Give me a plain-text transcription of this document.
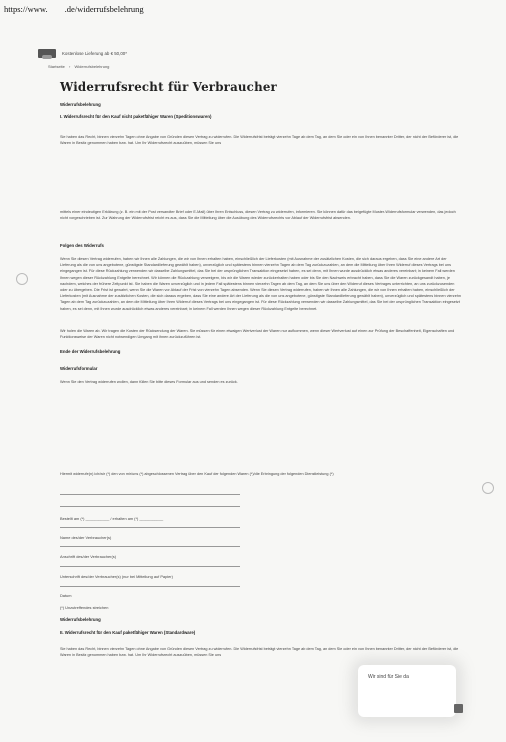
https://www.        .de/widerrufsbelehrung
Kostenlose Lieferung ab € 50,00*
Startseite › Widerrufsbelehrung
Widerrufsrecht für Verbraucher
Widerrufsbelehrung
I. Widerrufsrecht für den Kauf nicht paketfähiger Waren (Speditionswaren)
Sie haben das Recht, binnen vierzehn Tagen ohne Angabe von Gründen diesen Vertrag zu widerrufen. Die Widerrufsfrist beträgt vierzehn Tage ab dem Tag, an dem Sie oder ein von Ihnen benannter Dritter, der nicht der Beförderer ist, die Waren in Besitz genommen haben bzw. hat. Um Ihr Widerrufsrecht auszuüben, müssen Sie uns
mittels einer eindeutigen Erklärung (z. B. ein mit der Post versandter Brief oder E-Mail) über Ihren Entschluss, diesen Vertrag zu widerrufen, informieren. Sie können dafür das beigefügte Muster-Widerrufsformular verwenden, das jedoch nicht vorgeschrieben ist. Zur Wahrung der Widerrufsfrist reicht es aus, dass Sie die Mitteilung über die Ausübung des Widerrufsrechts vor Ablauf der Widerrufsfrist absenden.
Folgen des Widerrufs
Wenn Sie diesen Vertrag widerrufen, haben wir Ihnen alle Zahlungen, die wir von Ihnen erhalten haben, einschließlich der Lieferkosten (mit Ausnahme der zusätzlichen Kosten, die sich daraus ergeben, dass Sie eine andere Art der Lieferung als die von uns angebotene, günstigste Standardlieferung gewählt haben), unverzüglich und spätestens binnen vierzehn Tagen ab dem Tag zurückzuzahlen, an dem die Mitteilung über Ihren Widerruf dieses Vertrags bei uns eingegangen ist. Für diese Rückzahlung verwenden wir dasselbe Zahlungsmittel, das Sie bei der ursprünglichen Transaktion eingesetzt haben, es sei denn, mit Ihnen wurde ausdrücklich etwas anderes vereinbart; in keinem Fall werden Ihnen wegen dieser Rückzahlung Entgelte berechnet. Wir können die Rückzahlung verweigern, bis wir die Waren wieder zurückerhalten haben oder bis Sie den Nachweis erbracht haben, dass Sie die Waren zurückgesandt haben, je nachdem, welches der frühere Zeitpunkt ist. Sie haben die Waren unverzüglich und in jedem Fall spätestens binnen vierzehn Tagen ab dem Tag, an dem Sie uns über den Widerruf dieses Vertrages unterrichten, an uns zurückzusenden oder zu übergeben. Die Frist ist gewahrt, wenn Sie die Waren vor Ablauf der Frist von vierzehn Tagen absenden. Wenn Sie diesen Vertrag widerrufen, haben wir Ihnen alle Zahlungen, die wir von Ihnen erhalten haben, einschließlich der Lieferkosten (mit Ausnahme der zusätzlichen Kosten, die sich daraus ergeben, dass Sie eine andere Art der Lieferung als die von uns angebotene, günstigste Standardlieferung gewählt haben), unverzüglich und spätestens binnen vierzehn Tagen ab dem Tag zurückzuzahlen, an dem die Mitteilung über Ihren Widerruf dieses Vertrags bei uns eingegangen ist. Für diese Rückzahlung verwenden wir dasselbe Zahlungsmittel, das Sie bei der ursprünglichen Transaktion eingesetzt haben, es sei denn, mit Ihnen wurde ausdrücklich etwas anderes vereinbart; in keinem Fall werden Ihnen wegen dieser Rückzahlung Entgelte berechnet.
Wir holen die Waren ab. Wir tragen die Kosten der Rücksendung der Waren. Sie müssen für einen etwaigen Wertverlust der Waren nur aufkommen, wenn dieser Wertverlust auf einen zur Prüfung der Beschaffenheit, Eigenschaften und Funktionsweise der Waren nicht notwendigen Umgang mit ihnen zurückzuführen ist.
Ende der Widerrufsbelehrung
Widerrufsformular
Wenn Sie den Vertrag widerrufen wollen, dann füllen Sie bitte dieses Formular aus und senden es zurück.
Hiermit widerrufe(n) ich/wir (*) den von mir/uns (*) abgeschlossenen Vertrag über den Kauf der folgenden Waren (*)/die Erbringung der folgenden Dienstleistung (*)
Bestellt am (*) ___________ / erhalten am (*) ___________
Name des/der Verbraucher(s)
Anschrift des/der Verbraucher(s)
Unterschrift des/der Verbraucher(s) (nur bei Mitteilung auf Papier)
Datum
(*) Unzutreffendes streichen
Widerrufsbelehrung
II. Widerrufsrecht für den Kauf paketfähiger Waren (Standardware)
Sie haben das Recht, binnen vierzehn Tagen ohne Angabe von Gründen diesen Vertrag zu widerrufen. Die Widerrufsfrist beträgt vierzehn Tage ab dem Tag, an dem Sie oder ein von Ihnen benannter Dritter, der nicht der Beförderer ist, die Waren in Besitz genommen haben bzw. hat. Um Ihr Widerrufsrecht auszuüben, müssen Sie uns
Wir sind für Sie da
